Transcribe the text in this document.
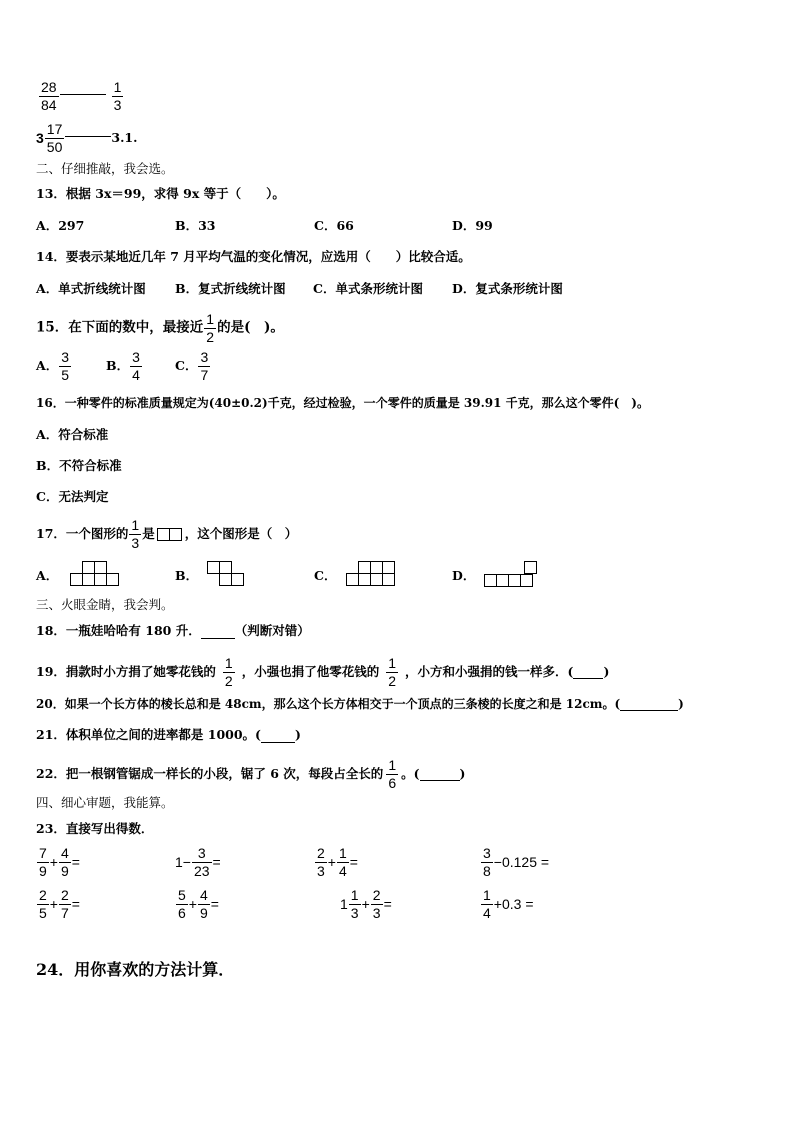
$\frac{28}{84}$	$\frac{1}{3}$
$3 \frac{17}{50}$	3.1.
二、仔细推敲，我会选。
13．根据 3x＝99，求得 9x 等于（　　）。
A．297	B．33	C．66	D．99
14．要表示某地近几年 7 月平均气温的变化情况，应选用（　　）比较合适。
A．单式折线统计图 B．复式折线统计图 C．单式条形统计图 D．复式条形统计图
15．在下面的数中，最接近 $\frac{1}{2}$ 的是(　)。
A． $\frac{3}{5}$	B． $\frac{3}{4}$	C． $\frac{3}{7}$
16．一种零件的标准质量规定为(40±0.2)千克，经过检验，一个零件的质量是 39.91 千克，那么这个零件(　)。
A．符合标准
B．不符合标准
C．无法判定
17．一个图形的 $\frac{1}{3}$ 是 ，这个图形是（　）
A．	B．	C．	D．
三、火眼金睛，我会判。
18．一瓶娃哈哈有 180 升．	（判断对错）
19．捐款时小方捐了她零花钱的 $\frac{1}{2}$ ，小强也捐了他零花钱的 $\frac{1}{2}$ ，小方和小强捐的钱一样多．( )
20．如果一个长方体的棱长总和是 48cm，那么这个长方体相交于一个顶点的三条棱的长度之和是 12cm。(	)
21．体积单位之间的进率都是 1000。(	)
22．把一根钢管锯成一样长的小段，锯了 6 次，每段占全长的 $\frac{1}{6}$ 。(	)
四、细心审题，我能算。
23．直接写出得数．
$\frac{7}{9} + \frac{4}{9}$ =	$1- \frac{3}{23}$ =	$\frac{2}{3} + \frac{1}{4}$ =	$\frac{3}{8} -0.125$ =
$\frac{2}{5} + \frac{2}{7}$ =	$\frac{5}{6} + \frac{4}{9}$ =	$1 \frac{1}{3} + \frac{2}{3}$ =	$\frac{1}{4} +0.3$ =
24．用你喜欢的方法计算．
